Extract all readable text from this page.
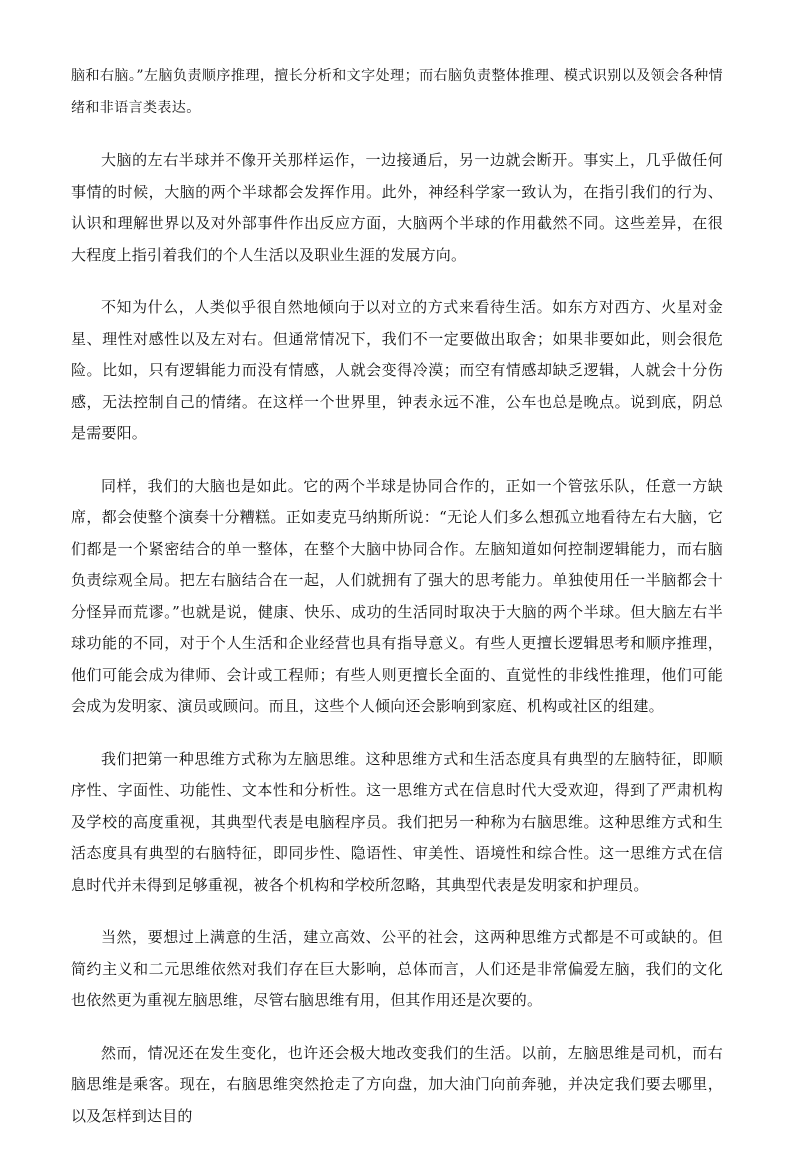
脑和右脑。”左脑负责顺序推理，擅长分析和文字处理；而右脑负责整体推理、模式识别以及领会各种情绪和非语言类表达。

大脑的左右半球并不像开关那样运作，一边接通后，另一边就会断开。事实上，几乎做任何事情的时候，大脑的两个半球都会发挥作用。此外，神经科学家一致认为，在指引我们的行为、认识和理解世界以及对外部事件作出反应方面，大脑两个半球的作用截然不同。这些差异，在很大程度上指引着我们的个人生活以及职业生涯的发展方向。

不知为什么，人类似乎很自然地倾向于以对立的方式来看待生活。如东方对西方、火星对金星、理性对感性以及左对右。但通常情况下，我们不一定要做出取舍；如果非要如此，则会很危险。比如，只有逻辑能力而没有情感，人就会变得冷漠；而空有情感却缺乏逻辑，人就会十分伤感，无法控制自己的情绪。在这样一个世界里，钟表永远不准，公车也总是晚点。说到底，阴总是需要阳。

同样，我们的大脑也是如此。它的两个半球是协同合作的，正如一个管弦乐队，任意一方缺席，都会使整个演奏十分糟糕。正如麦克马纳斯所说：“无论人们多么想孤立地看待左右大脑，它们都是一个紧密结合的单一整体，在整个大脑中协同合作。左脑知道如何控制逻辑能力，而右脑负责综观全局。把左右脑结合在一起，人们就拥有了强大的思考能力。单独使用任一半脑都会十分怪异而荒谬。”也就是说，健康、快乐、成功的生活同时取决于大脑的两个半球。但大脑左右半球功能的不同，对于个人生活和企业经营也具有指导意义。有些人更擅长逻辑思考和顺序推理，他们可能会成为律师、会计或工程师；有些人则更擅长全面的、直觉性的非线性推理，他们可能会成为发明家、演员或顾问。而且，这些个人倾向还会影响到家庭、机构或社区的组建。

我们把第一种思维方式称为左脑思维。这种思维方式和生活态度具有典型的左脑特征，即顺序性、字面性、功能性、文本性和分析性。这一思维方式在信息时代大受欢迎，得到了严肃机构及学校的高度重视，其典型代表是电脑程序员。我们把另一种称为右脑思维。这种思维方式和生活态度具有典型的右脑特征，即同步性、隐语性、审美性、语境性和综合性。这一思维方式在信息时代并未得到足够重视，被各个机构和学校所忽略，其典型代表是发明家和护理员。

当然，要想过上满意的生活，建立高效、公平的社会，这两种思维方式都是不可或缺的。但简约主义和二元思维依然对我们存在巨大影响，总体而言，人们还是非常偏爱左脑，我们的文化也依然更为重视左脑思维，尽管右脑思维有用，但其作用还是次要的。

然而，情况还在发生变化，也许还会极大地改变我们的生活。以前，左脑思维是司机，而右脑思维是乘客。现在，右脑思维突然抢走了方向盘，加大油门向前奔驰，并决定我们要去哪里，以及怎样到达目的
